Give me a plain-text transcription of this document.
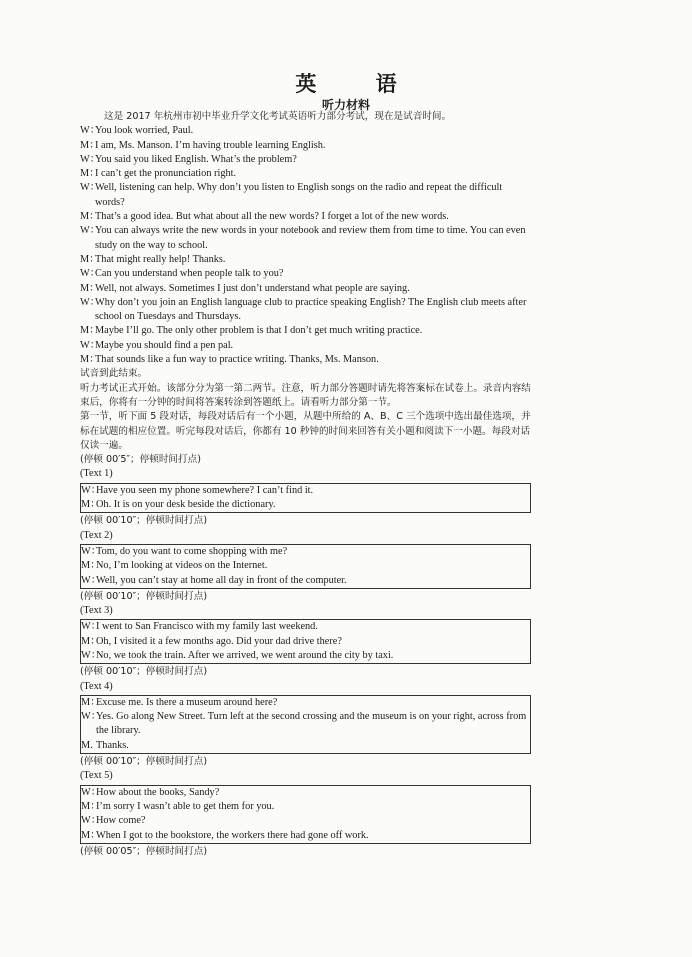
英 语
听力材料
这是 2017 年杭州市初中毕业升学文化考试英语听力部分考试，现在是试音时间。
W：
You look worried, Paul.
M：
I am, Ms. Manson. I’m having trouble learning English.
W：
You said you liked English. What’s the problem?
M：
I can’t get the pronunciation right.
W：
Well, listening can help. Why don’t you listen to English songs on the radio and repeat the difficult words?
M：
That’s a good idea. But what about all the new words? I forget a lot of the new words.
W：
You can always write the new words in your notebook and review them from time to time. You can even study on the way to school.
M：
That might really help! Thanks.
W：
Can you understand when people talk to you?
M：
Well, not always. Sometimes I just don’t understand what people are saying.
W：
Why don’t you join an English language club to practice speaking English? The English club meets after school on Tuesdays and Thursdays.
M：
Maybe I’ll go. The only other problem is that I don’t get much writing practice.
W：
Maybe you should find a pen pal.
M：
That sounds like a fun way to practice writing. Thanks, Ms. Manson.
试音到此结束。
听力考试正式开始。该部分分为第一第二两节。注意，听力部分答题时请先将答案标在试卷上。录音内容结束后，你将有一分钟的时间将答案转涂到答题纸上。请看听力部分第一节。
第一节，听下面 5 段对话，每段对话后有一个小题，从题中所给的 A、B、C 三个选项中选出最佳选项，并标在试题的相应位置。听完每段对话后，你都有 10 秒钟的时间来回答有关小题和阅读下一小题。每段对话仅读一遍。
(停顿 00′5″；停顿时间打点)
(Text 1)
W：
Have you seen my phone somewhere? I can’t find it.
M：
Oh. It is on your desk beside the dictionary.
(停顿 00′10″；停顿时间打点)
(Text 2)
W：
Tom, do you want to come shopping with me?
M：
No, I’m looking at videos on the Internet.
W：
Well, you can’t stay at home all day in front of the computer.
(停顿 00′10″；停顿时间打点)
(Text 3)
W：
I went to San Francisco with my family last weekend.
M：
Oh, I visited it a few months ago. Did your dad drive there?
W：
No, we took the train. After we arrived, we went around the city by taxi.
(停顿 00′10″；停顿时间打点)
(Text 4)
M：
Excuse me. Is there a museum around here?
W：
Yes. Go along New Street. Turn left at the second crossing and the museum is on your right, across from the library.
M. Thanks.
(停顿 00′10″；停顿时间打点)
(Text 5)
W：
How about the books, Sandy?
M：
I’m sorry I wasn’t able to get them for you.
W：
How come?
M：
When I got to the bookstore, the workers there had gone off work.
(停顿 00′05″；停顿时间打点)
